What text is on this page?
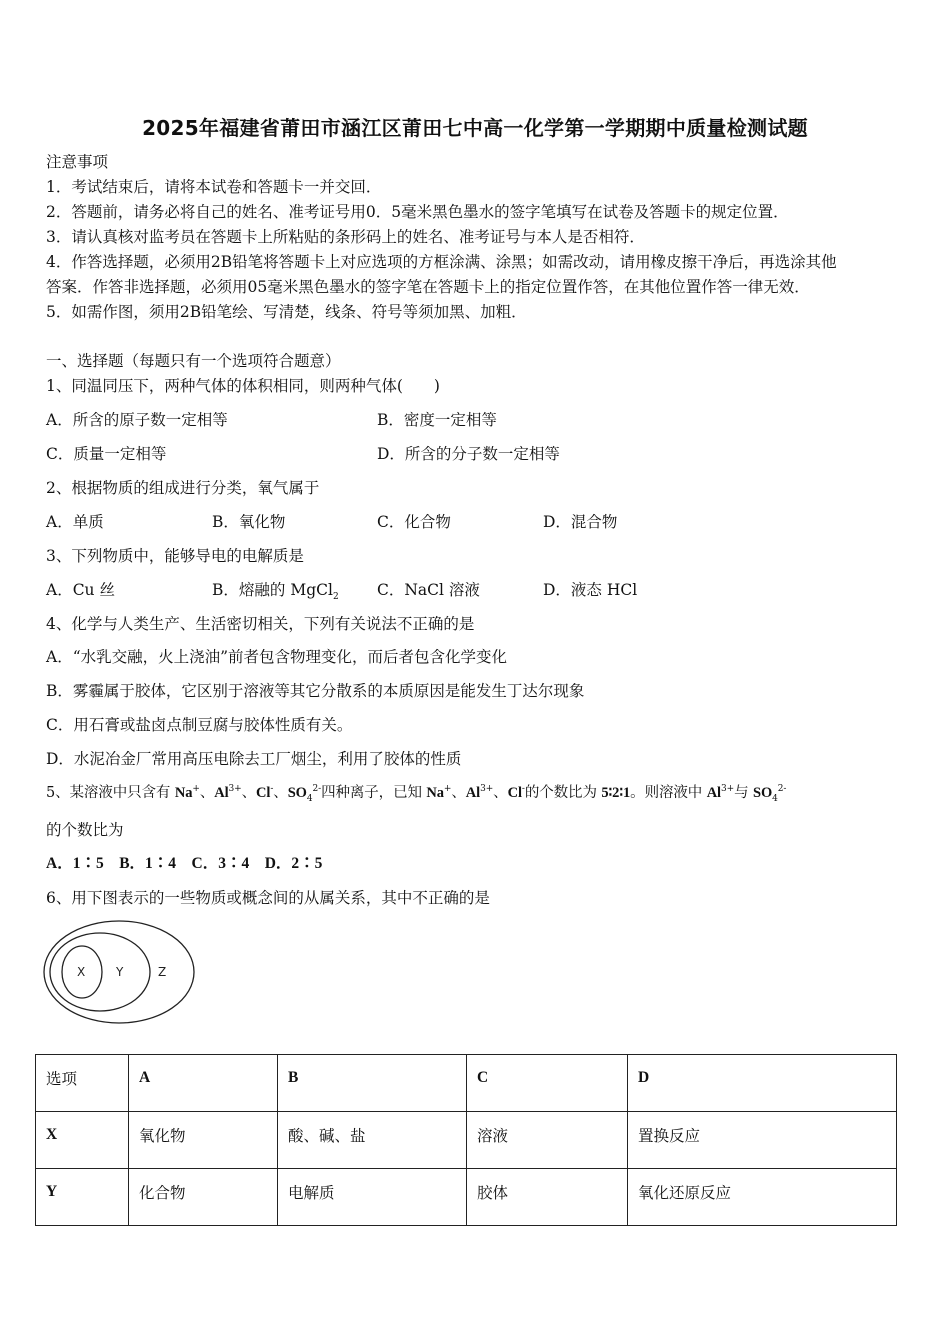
2025年福建省莆田市涵江区莆田七中高一化学第一学期期中质量检测试题
注意事项
1．考试结束后，请将本试卷和答题卡一并交回．
2．答题前，请务必将自己的姓名、准考证号用0．5毫米黑色墨水的签字笔填写在试卷及答题卡的规定位置．
3．请认真核对监考员在答题卡上所粘贴的条形码上的姓名、准考证号与本人是否相符．
4．作答选择题，必须用2B铅笔将答题卡上对应选项的方框涂满、涂黑；如需改动，请用橡皮擦干净后，再选涂其他
答案．作答非选择题，必须用05毫米黑色墨水的签字笔在答题卡上的指定位置作答，在其他位置作答一律无效．
5．如需作图，须用2B铅笔绘、写清楚，线条、符号等须加黑、加粗．
一、选择题（每题只有一个选项符合题意）
1、同温同压下，两种气体的体积相同，则两种气体(　　)
A．所含的原子数一定相等	B．密度一定相等
C．质量一定相等	D．所含的分子数一定相等
2、根据物质的组成进行分类，氧气属于
A．单质	B．氧化物	C．化合物	D．混合物
3、下列物质中，能够导电的电解质是
A．Cu 丝	B．熔融的 MgCl$_2$ C．NaCl 溶液	D．液态 HCl
4、化学与人类生产、生活密切相关，下列有关说法不正确的是
A．“水乳交融，火上浇油”前者包含物理变化，而后者包含化学变化
B．雾霾属于胶体，它区别于溶液等其它分散系的本质原因是能发生丁达尔现象
C．用石膏或盐卤点制豆腐与胶体性质有关。
D．水泥冶金厂常用高压电除去工厂烟尘，利用了胶体的性质
5、某溶液中只含有 Na+、$Al^{3+}$、Cl-、$SO_4^{2-}$四种离子，已知 Na+、$Al^{3+}$、Cl-的个数比为 5∶2∶1。则溶液中 $Al^{3+}$与 $SO_4^{2-}$
的个数比为
A．1∶5　B．1∶4　C．3∶4　D．2∶5
6、用下图表示的一些物质或概念间的从属关系，其中不正确的是
X	Y	Z
选项	A	B	C	D
X	氧化物	酸、碱、盐	溶液	置换反应
Y	化合物	电解质	胶体	氧化还原反应
